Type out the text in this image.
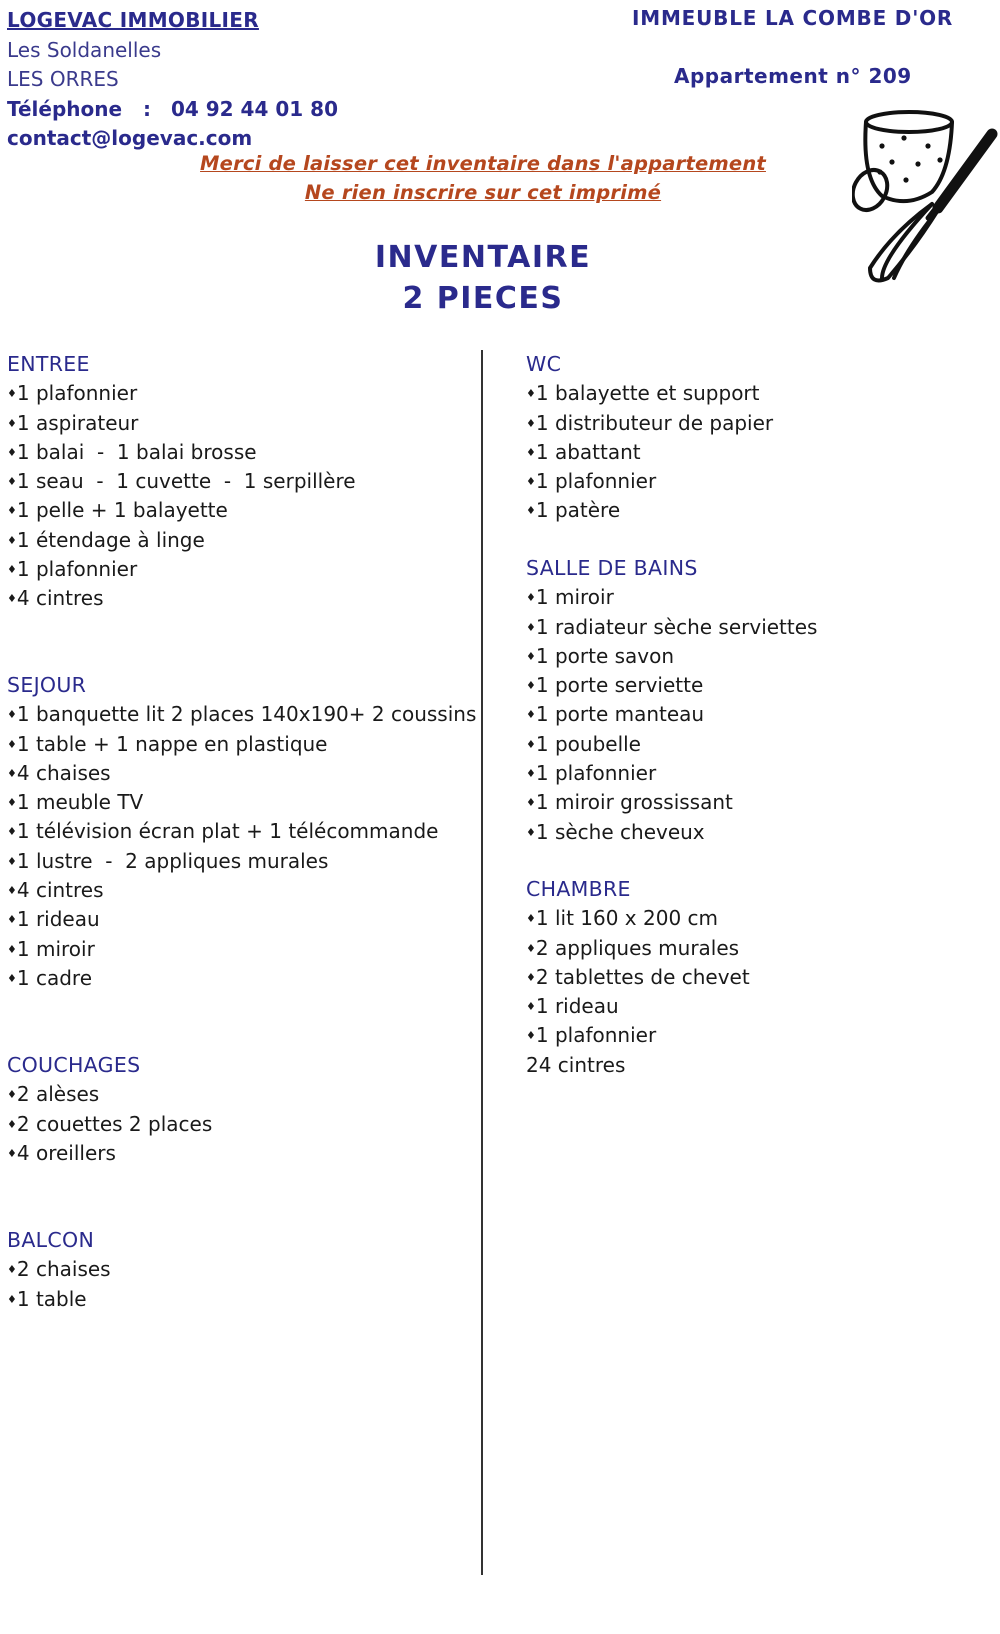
LOGEVAC IMMOBILIER
Les Soldanelles
LES ORRES
Téléphone   : 04 92 44 01 80
contact@logevac.com
IMMEUBLE LA COMBE D'OR
Appartement n° 209
Merci de laisser cet inventaire dans l'appartement
Ne rien inscrire sur cet imprimé
INVENTAIRE
2 PIECES
ENTREE
♦1 plafonnier
♦1 aspirateur
♦1 balai  -  1 balai brosse
♦1 seau  -  1 cuvette  -  1 serpillère
♦1 pelle + 1 balayette
♦1 étendage à linge
♦1 plafonnier
♦4 cintres
SEJOUR
♦1 banquette lit 2 places 140x190+ 2 coussins
♦1 table + 1 nappe en plastique
♦4 chaises
♦1 meuble TV
♦1 télévision écran plat + 1 télécommande
♦1 lustre  -  2 appliques murales
♦4 cintres
♦1 rideau
♦1 miroir
♦1 cadre
COUCHAGES
♦2 alèses
♦2 couettes 2 places
♦4 oreillers
BALCON
♦2 chaises
♦1 table
WC
♦1 balayette et support
♦1 distributeur de papier
♦1 abattant
♦1 plafonnier
♦1 patère
SALLE DE BAINS
♦1 miroir
♦1 radiateur sèche serviettes
♦1 porte savon
♦1 porte serviette
♦1 porte manteau
♦1 poubelle
♦1 plafonnier
♦1 miroir grossissant
♦1 sèche cheveux
CHAMBRE
♦1 lit 160 x 200 cm
♦2 appliques murales
♦2 tablettes de chevet
♦1 rideau
♦1 plafonnier
24 cintres
